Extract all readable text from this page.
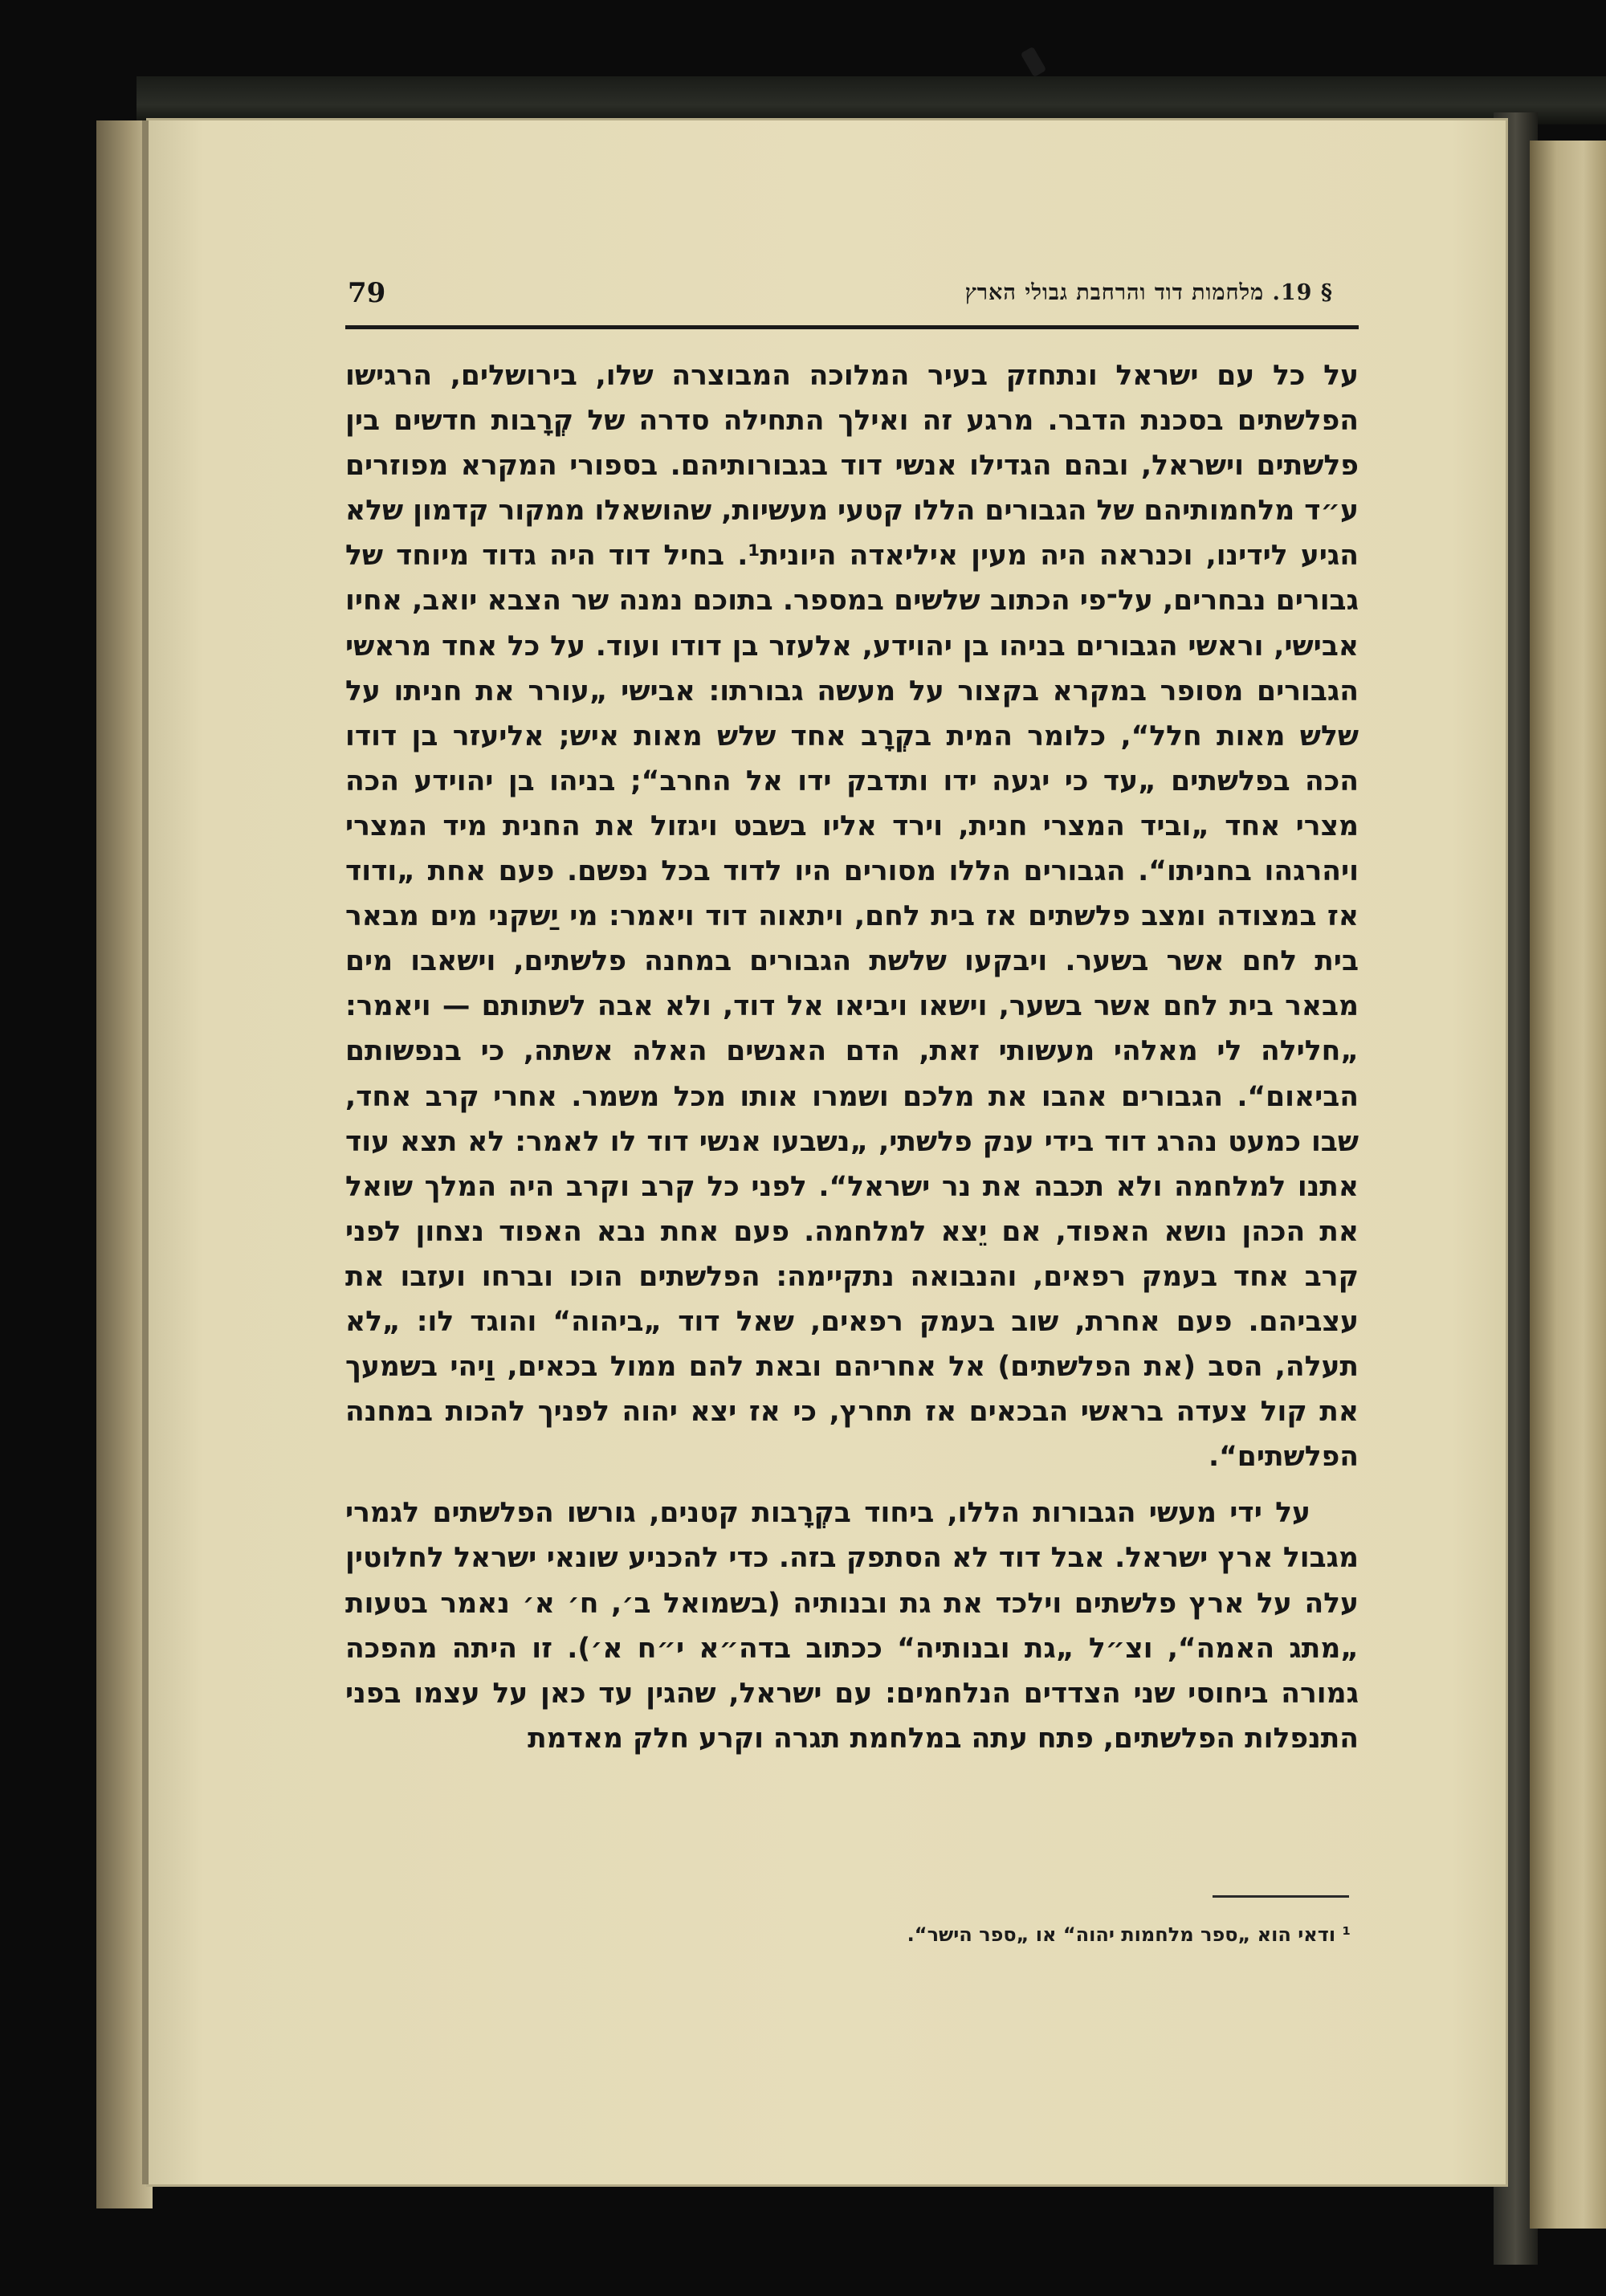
79	§ 19. מלחמות דוד והרחבת גבולי הארץ

על כל עם ישראל ונתחזק בעיר המלוכה המבוצרה שלו, בירושלים, הרגישו הפלשתים בסכנת הדבר. מרגע זה ואילך התחילה סדרה של קְרָבות חדשים בין פלשתים וישראל, ובהם הגדילו אנשי דוד בגבורותיהם. בספורי המקרא מפוזרים ע״ד מלחמותיהם של הגבורים הללו קטעי מעשיות, שהושאלו ממקור קדמון שלא הגיע לידינו, וכנראה היה מעין איליאדה היונית¹. בחיל דוד היה גדוד מיוחד של גבורים נבחרים, על־פי הכתוב שלשים במספר. בתוכם נמנה שר הצבא יואב, אחיו אבישי, וראשי הגבורים בניהו בן יהוידע, אלעזר בן דודו ועוד. על כל אחד מראשי הגבורים מסופר במקרא בקצור על מעשה גבורתו: אבישי „עורר את חניתו על שלש מאות חלל“, כלומר המית בקְרָב אחד שלש מאות איש; אליעזר בן דודו הכה בפלשתים „עד כי יגעה ידו ותדבק ידו אל החרב“; בניהו בן יהוידע הכה מצרי אחד „וביד המצרי חנית, וירד אליו בשבט ויגזול את החנית מיד המצרי ויהרגהו בחניתו“. הגבורים הללו מסורים היו לדוד בכל נפשם. פעם אחת „ודוד אז במצודה ומצב פלשתים אז בית לחם, ויתאוה דוד ויאמר: מי יַשקני מים מבאר בית לחם אשר בשער. ויבקעו שלשת הגבורים במחנה פלשתים, וישאבו מים מבאר בית לחם אשר בשער, וישאו ויביאו אל דוד, ולא אבה לשתותם — ויאמר: „חלילה לי מאלהי מעשותי זאת, הדם האנשים האלה אשתה, כי בנפשותם הביאום“. הגבורים אהבו את מלכם ושמרו אותו מכל משמר. אחרי קרב אחד, שבו כמעט נהרג דוד בידי ענק פלשתי, „נשבעו אנשי דוד לו לאמר: לא תצא עוד אתנו למלחמה ולא תכבה את נר ישראל“. לפני כל קרב וקרב היה המלך שואל את הכהן נושא האפוד, אם יֵצא למלחמה. פעם אחת נבא האפוד נצחון לפני קרב אחד בעמק רפאים, והנבואה נתקיימה: הפלשתים הוכו וברחו ועזבו את עצביהם. פעם אחרת, שוב בעמק רפאים, שאל דוד „ביהוה“ והוגד לו: „לא תעלה, הסב (את הפלשתים) אל אחריהם ובאת להם ממול בכאים, וַיהי בשמעך את קול צעדה בראשי הבכאים אז תחרץ, כי אז יצא יהוה לפניך להכות במחנה הפלשתים“.

על ידי מעשי הגבורות הללו, ביחוד בקְרָבות קטנים, גורשו הפלשתים לגמרי מגבול ארץ ישראל. אבל דוד לא הסתפק בזה. כדי להכניע שונאי ישראל לחלוטין עלה על ארץ פלשתים וילכד את גת ובנותיה (בשמואל ב׳, ח׳ א׳ נאמר בטעות „מתג האמה“, וצ״ל „גת ובנותיה“ ככתוב בדה״א י״ח א׳). זו היתה מהפכה גמורה ביחוסי שני הצדדים הנלחמים: עם ישראל, שהגין עד כאן על עצמו בפני התנפלות הפלשתים, פתח עתה במלחמת תגרה וקרע חלק מאדמת

¹ ודאי הוא „ספר מלחמות יהוה“ או „ספר הישר“.
